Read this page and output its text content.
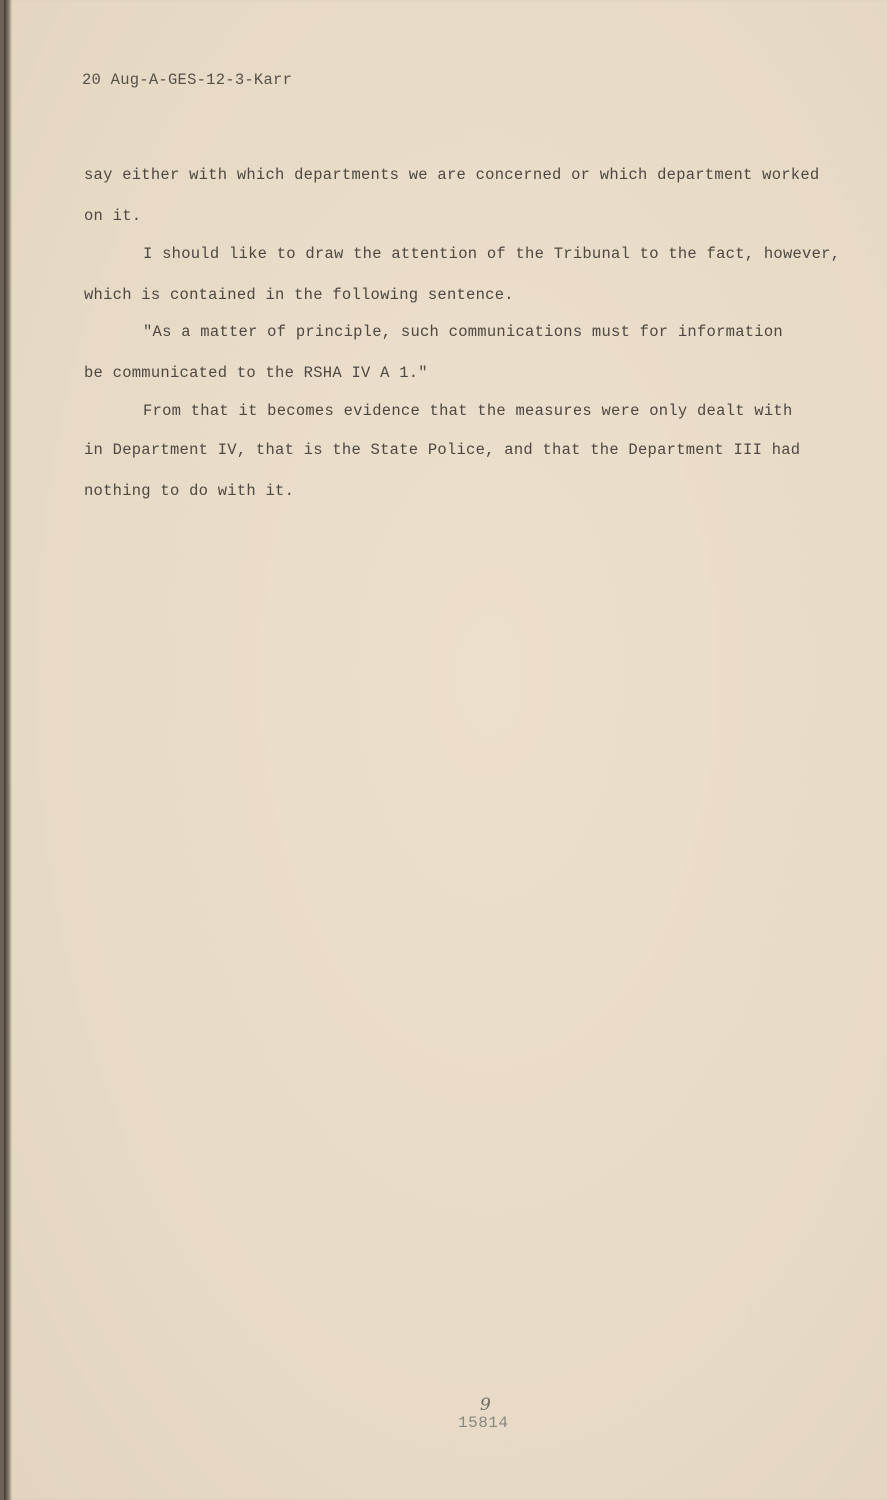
20 Aug-A-GES-12-3-Karr
say either with which departments we are concerned or which department worked
on it.
I should like to draw the attention of the Tribunal to the fact, however,
which is contained in the following sentence.
"As a matter of principle, such communications must for information
be communicated to the RSHA IV A 1."
From that it becomes evidence that the measures were only dealt with
in Department IV, that is the State Police, and that the Department III had
nothing to do with it.
9
15814
